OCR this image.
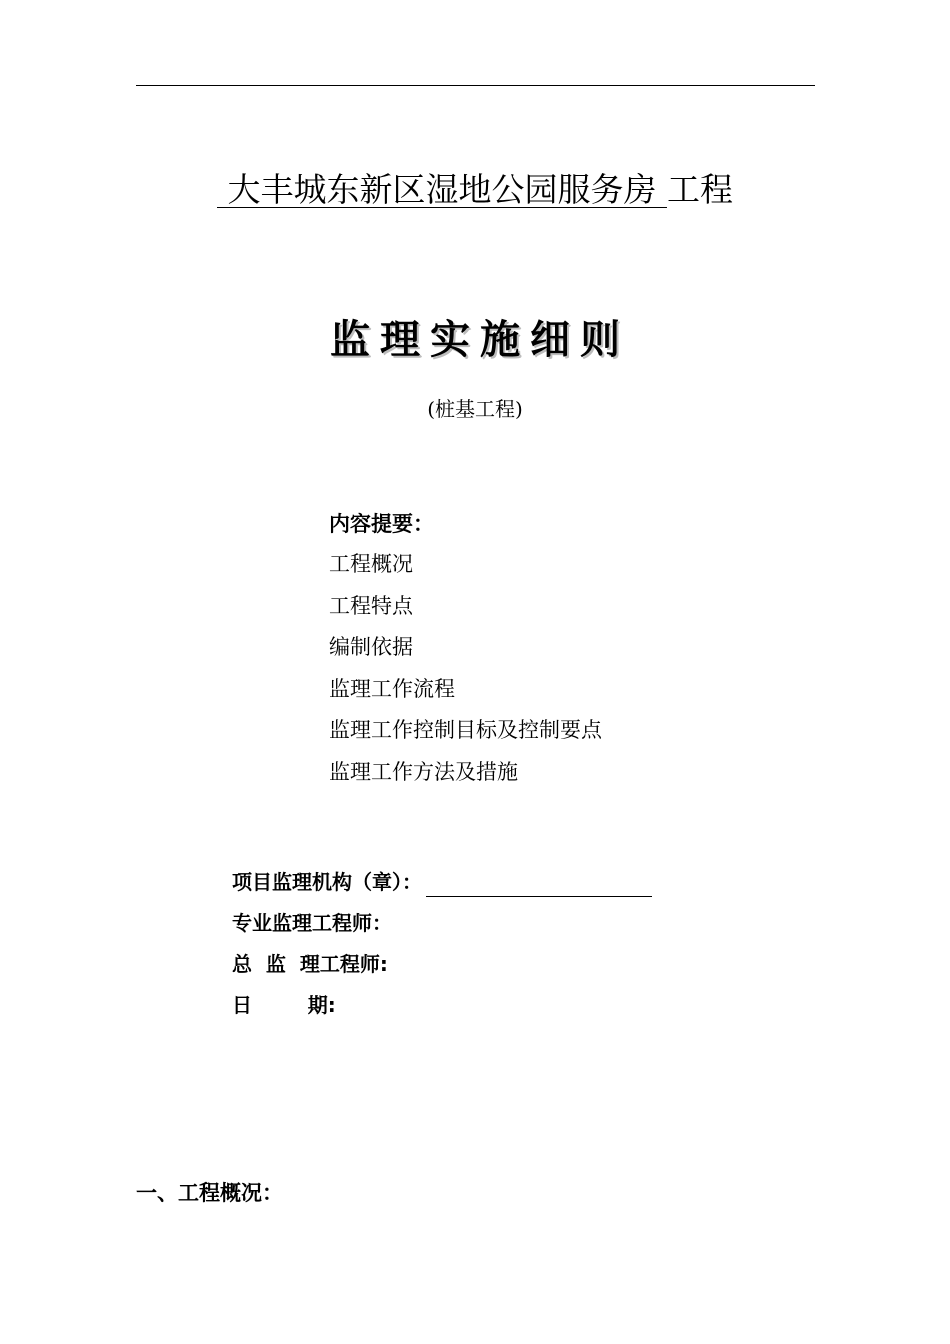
大丰城东新区湿地公园服务房 工程
监理实施细则
(桩基工程)
内容提要：
工程概况
工程特点
编制依据
监理工作流程
监理工作控制目标及控制要点
监理工作方法及措施
项目监理机构（章）：
专业监理工程师：
总  监  理工程师:
日        期:
一、工程概况：
